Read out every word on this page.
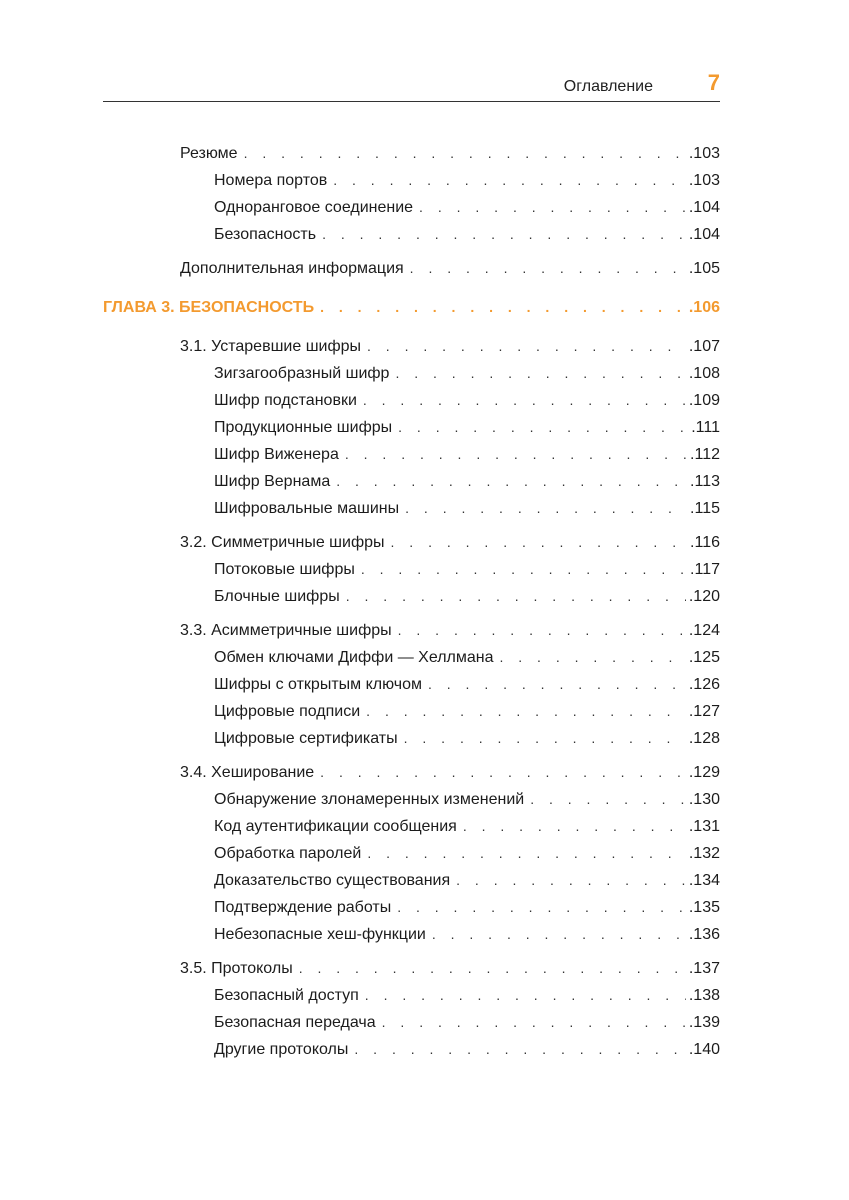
Оглавление 7
Резюме . . .	.103
Номера портов . . .	.103
Одноранговое соединение . . .	.104
Безопасность . . .	.104
Дополнительная информация . . .	.105
ГЛАВА 3. БЕЗОПАСНОСТЬ . . .	.106
3.1. Устаревшие шифры . . .	.107
Зигзагообразный шифр . . .	.108
Шифр подстановки . . .	.109
Продукционные шифры . . .	.111
Шифр Виженера . . .	.112
Шифр Вернама . . .	.113
Шифровальные машины . . .	.115
3.2. Симметричные шифры . . .	.116
Потоковые шифры . . .	.117
Блочные шифры . . .	.120
3.3. Асимметричные шифры . . .	.124
Обмен ключами Диффи — Хеллмана . . .	.125
Шифры с открытым ключом . . .	.126
Цифровые подписи . . .	.127
Цифровые сертификаты . . .	.128
3.4. Хеширование . . .	.129
Обнаружение злонамеренных изменений . . .	.130
Код аутентификации сообщения . . .	.131
Обработка паролей . . .	.132
Доказательство существования . . .	.134
Подтверждение работы . . .	.135
Небезопасные хеш-функции . . .	.136
3.5. Протоколы . . .	.137
Безопасный доступ . . .	.138
Безопасная передача . . .	.139
Другие протоколы . . .	.140
